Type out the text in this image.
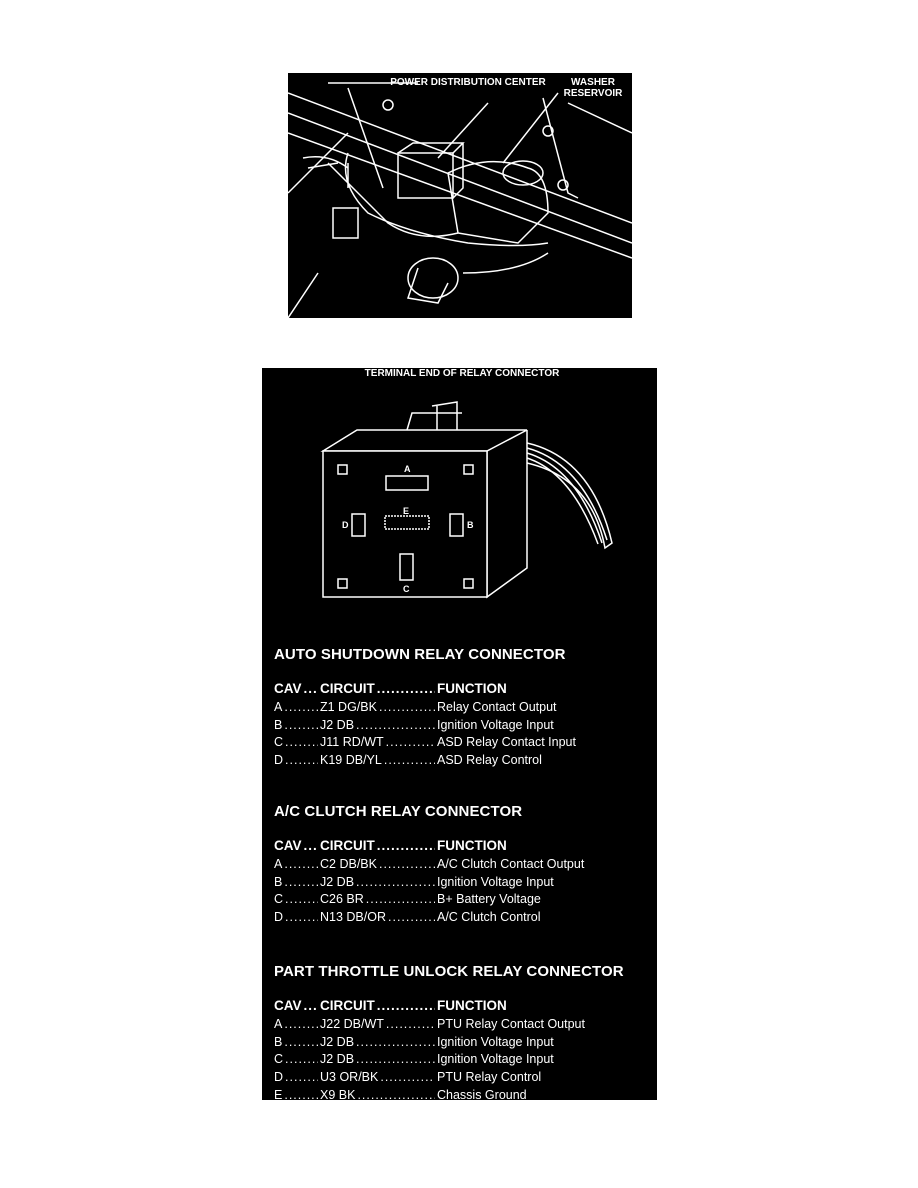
POWER DISTRIBUTION CENTER	WASHER RESERVOIR
TERMINAL END OF RELAY CONNECTOR
A
B
C
D
E
AUTO SHUTDOWN RELAY CONNECTOR
CAV ..... CIRCUIT .....	FUNCTION
A .....	Z1 DG/BK .....	Relay Contact Output
B .....	J2 DB .....	Ignition Voltage Input
C .....	J11 RD/WT .....	ASD Relay Contact Input
D .....	K19 DB/YL .....	ASD Relay Control
A/C CLUTCH RELAY CONNECTOR
CAV ..... CIRCUIT .....	FUNCTION
A .....	C2 DB/BK .....	A/C Clutch Contact Output
B .....	J2 DB .....	Ignition Voltage Input
C .....	C26 BR .....	B+ Battery Voltage
D .....	N13 DB/OR .....	A/C Clutch Control
PART THROTTLE UNLOCK RELAY CONNECTOR
CAV ..... CIRCUIT .....	FUNCTION
A .....	J22 DB/WT .....	PTU Relay Contact Output
B .....	J2 DB .....	Ignition Voltage Input
C .....	J2 DB .....	Ignition Voltage Input
D .....	U3 OR/BK .....	PTU Relay Control
E .....	X9 BK .....	Chassis Ground
